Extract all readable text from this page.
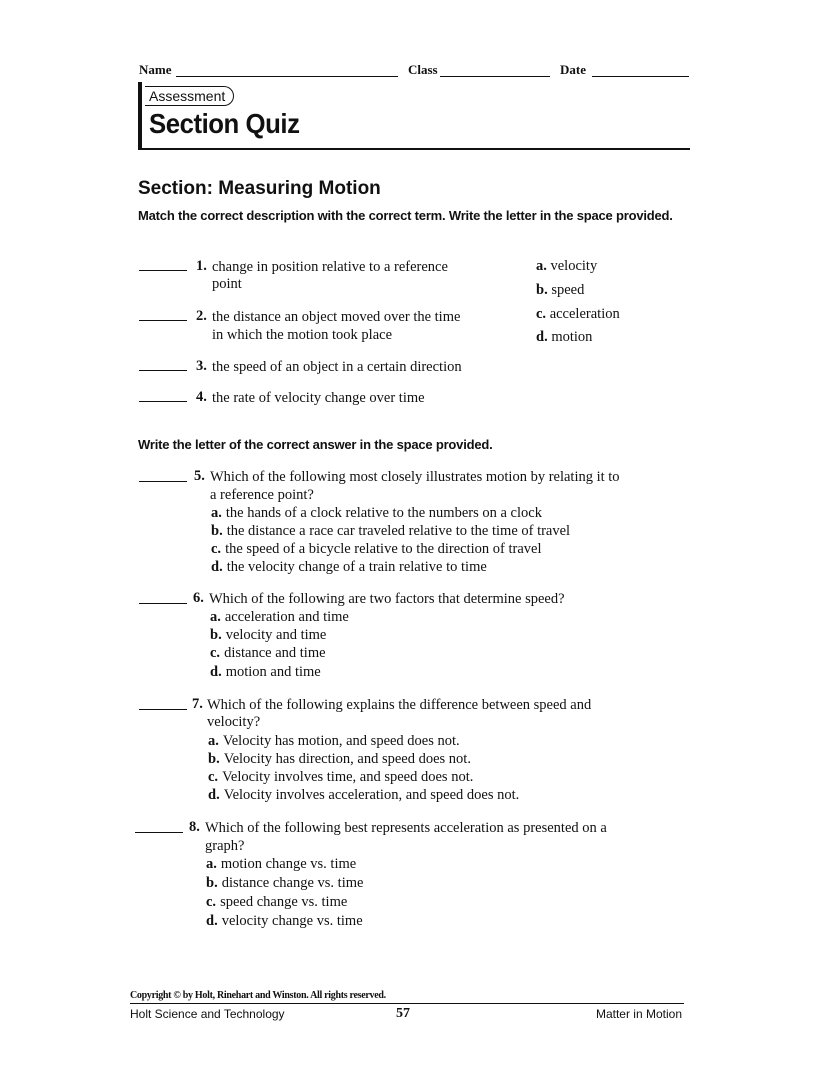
Name	Class	Date
Assessment
Section Quiz
Section: Measuring Motion
Match the correct description with the correct term. Write the letter in the space provided.
1. change in position relative to a reference
point
2. the distance an object moved over the time
in which the motion took place
3. the speed of an object in a certain direction
4. the rate of velocity change over time
a. velocity
b. speed
c. acceleration
d. motion
Write the letter of the correct answer in the space provided.
5. Which of the following most closely illustrates motion by relating it to
a reference point?
a. the hands of a clock relative to the numbers on a clock
b. the distance a race car traveled relative to the time of travel
c. the speed of a bicycle relative to the direction of travel
d. the velocity change of a train relative to time
6. Which of the following are two factors that determine speed?
a. acceleration and time
b. velocity and time
c. distance and time
d. motion and time
7. Which of the following explains the difference between speed and
velocity?
a. Velocity has motion, and speed does not.
b. Velocity has direction, and speed does not.
c. Velocity involves time, and speed does not.
d. Velocity involves acceleration, and speed does not.
8. Which of the following best represents acceleration as presented on a
graph?
a. motion change vs. time
b. distance change vs. time
c. speed change vs. time
d. velocity change vs. time
Copyright © by Holt, Rinehart and Winston. All rights reserved.
Holt Science and Technology	57	Matter in Motion
